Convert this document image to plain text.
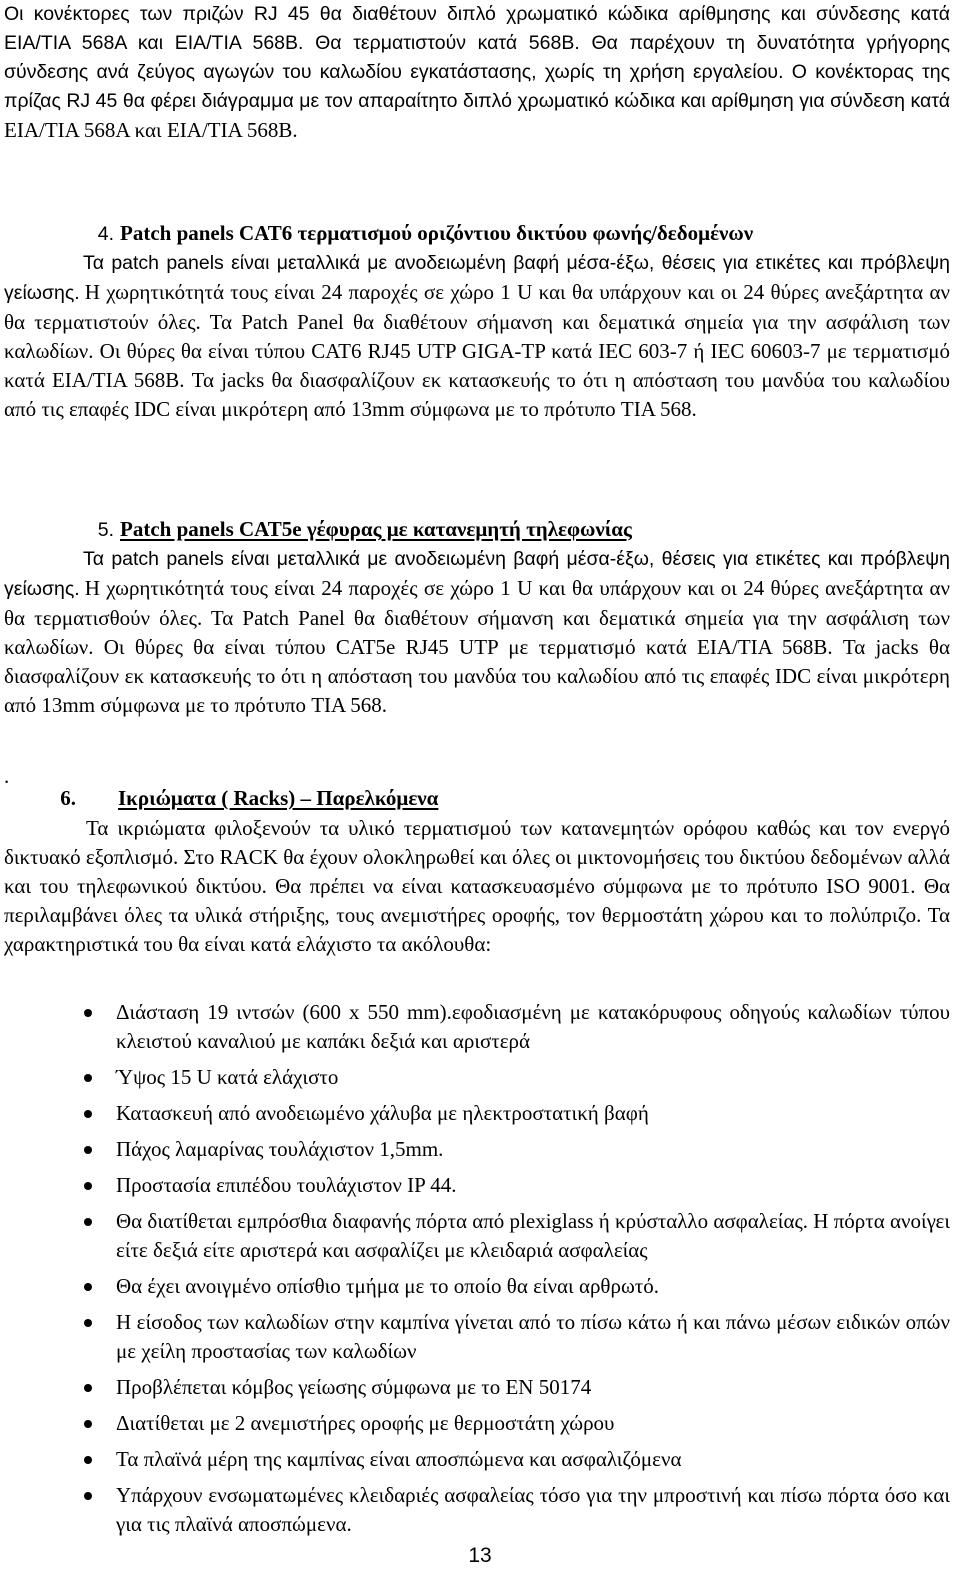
Οι κονέκτορες των πριζών RJ 45 θα διαθέτουν διπλό χρωματικό κώδικα αρίθμησης και σύνδεσης κατά EIA/TIA 568A και EIA/TIA 568B. Θα τερματιστούν κατά 568B. Θα παρέχουν τη δυνατότητα γρήγορης σύνδεσης ανά ζεύγος αγωγών του καλωδίου εγκατάστασης, χωρίς τη χρήση εργαλείου. Ο κονέκτορας της πρίζας RJ 45 θα φέρει διάγραμμα με τον απαραίτητο διπλό χρωματικό κώδικα και αρίθμηση για σύνδεση κατά EIA/TIA 568A και EIA/TIA 568B.

4. Patch panels CAT6 τερματισμού οριζόντιου δικτύου φωνής/δεδομένων

Τα patch panels είναι μεταλλικά με ανοδειωμένη βαφή μέσα-έξω, θέσεις για ετικέτες και πρόβλεψη γείωσης. Η χωρητικότητά τους είναι 24 παροχές σε χώρο 1 U και θα υπάρχουν και οι 24 θύρες ανεξάρτητα αν θα τερματιστούν όλες. Τα Patch Panel θα διαθέτουν σήμανση και δεματικά σημεία για την ασφάλιση των καλωδίων. Οι θύρες θα είναι τύπου CAT6 RJ45 UTP GIGA-TP κατά IEC 603-7 ή IEC 60603-7 με τερματισμό κατά EIA/TIA 568B. Τα jacks θα διασφαλίζουν εκ κατασκευής το ότι η απόσταση του μανδύα του καλωδίου από τις επαφές IDC είναι μικρότερη από 13mm σύμφωνα με το πρότυπο TIA 568.

5. Patch panels CAT5e γέφυρας με κατανεμητή τηλεφωνίας

Τα patch panels είναι μεταλλικά με ανοδειωμένη βαφή μέσα-έξω, θέσεις για ετικέτες και πρόβλεψη γείωσης. Η χωρητικότητά τους είναι 24 παροχές σε χώρο 1 U και θα υπάρχουν και οι 24 θύρες ανεξάρτητα αν θα τερματισθούν όλες. Τα Patch Panel θα διαθέτουν σήμανση και δεματικά σημεία για την ασφάλιση των καλωδίων. Οι θύρες θα είναι τύπου CAT5e RJ45 UTP με τερματισμό κατά EIA/TIA 568B. Τα jacks θα διασφαλίζουν εκ κατασκευής το ότι η απόσταση του μανδύα του καλωδίου από τις επαφές IDC είναι μικρότερη από 13mm σύμφωνα με το πρότυπο TIA 568.

.

6. Ικριώματα ( Racks) – Παρελκόμενα

Τα ικριώματα φιλοξενούν τα υλικό τερματισμού των κατανεμητών ορόφου καθώς και τον ενεργό δικτυακό εξοπλισμό. Στο RACK θα έχουν ολοκληρωθεί και όλες οι μικτονομήσεις του δικτύου δεδομένων αλλά και του τηλεφωνικού δικτύου. Θα πρέπει να είναι κατασκευασμένο σύμφωνα με το πρότυπο ISO 9001. Θα περιλαμβάνει όλες τα υλικά στήριξης, τους ανεμιστήρες οροφής, τον θερμοστάτη χώρου και το πολύπριζο. Τα χαρακτηριστικά του θα είναι κατά ελάχιστο τα ακόλουθα:

Διάσταση 19 ιντσών (600 x 550 mm).εφοδιασμένη με κατακόρυφους οδηγούς καλωδίων τύπου κλειστού καναλιού με καπάκι δεξιά και αριστερά
Ύψος 15 U κατά ελάχιστο
Κατασκευή από ανοδειωμένο χάλυβα με ηλεκτροστατική βαφή
Πάχος λαμαρίνας τουλάχιστον 1,5mm.
Προστασία επιπέδου τουλάχιστον IP 44.
Θα διατίθεται εμπρόσθια διαφανής πόρτα από plexiglass ή κρύσταλλο ασφαλείας. Η πόρτα ανοίγει είτε δεξιά είτε αριστερά και ασφαλίζει με κλειδαριά ασφαλείας
Θα έχει ανοιγμένο οπίσθιο τμήμα με το οποίο θα είναι αρθρωτό.
Η είσοδος των καλωδίων στην καμπίνα γίνεται από το πίσω κάτω ή και πάνω μέσων ειδικών οπών με χείλη προστασίας των καλωδίων
Προβλέπεται κόμβος γείωσης σύμφωνα με το EN 50174
Διατίθεται με 2 ανεμιστήρες οροφής με θερμοστάτη χώρου
Τα πλαϊνά μέρη της καμπίνας είναι αποσπώμενα και ασφαλιζόμενα
Υπάρχουν ενσωματωμένες κλειδαριές ασφαλείας τόσο για την μπροστινή και πίσω πόρτα όσο και για τις πλαϊνά αποσπώμενα.
13
